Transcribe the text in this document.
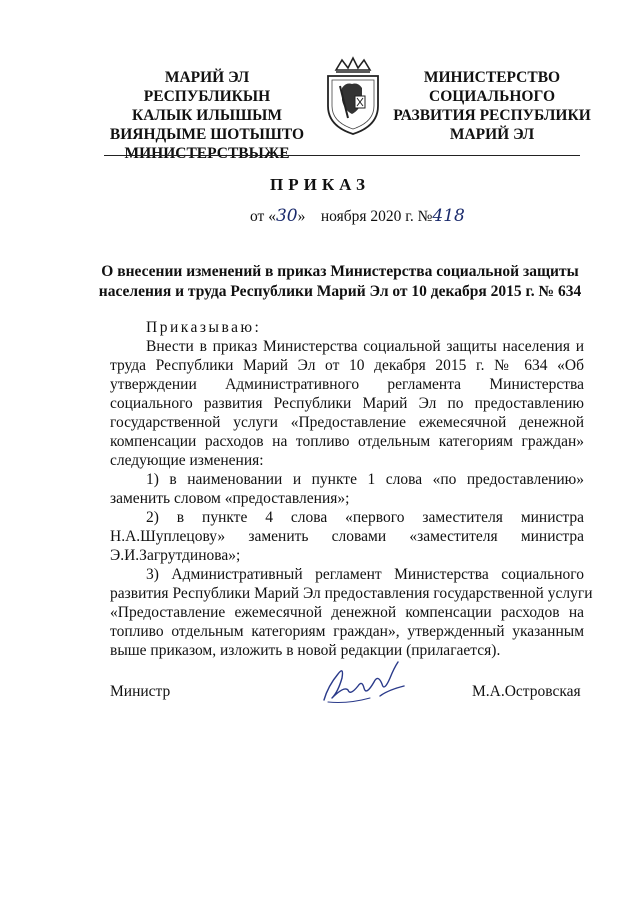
МАРИЙ ЭЛ
РЕСПУБЛИКЫН
КАЛЫК ИЛЫШЫМ
ВИЯНДЫМЕ ШОТЫШТО
МИНИСТЕРСТВЫЖЕ
МИНИСТЕРСТВО
СОЦИАЛЬНОГО
РАЗВИТИЯ РЕСПУБЛИКИ
МАРИЙ ЭЛ
ПРИКАЗ
от «30»    ноября 2020 г. №418
О внесении изменений в приказ Министерства социальной защиты
населения и труда Республики Марий Эл от 10 декабря 2015 г. № 634
Приказываю:
Внести в приказ Министерства социальной защиты населения и
труда Республики Марий Эл от 10 декабря 2015 г. № 634 «Об
утверждении Административного регламента Министерства
социального развития Республики Марий Эл по предоставлению
государственной услуги «Предоставление ежемесячной денежной
компенсации расходов на топливо отдельным категориям граждан»
следующие изменения:
1) в наименовании и пункте 1 слова «по предоставлению»
заменить словом «предоставления»;
2) в пункте 4 слова «первого заместителя министра
Н.А.Шуплецову» заменить словами «заместителя министра
Э.И.Загрутдинова»;
3) Административный регламент Министерства социального
развития Республики Марий Эл предоставления государственной услуги
«Предоставление ежемесячной денежной компенсации расходов на
топливо отдельным категориям граждан», утвержденный указанным
выше приказом, изложить в новой редакции (прилагается).
Министр	М.А.Островская
